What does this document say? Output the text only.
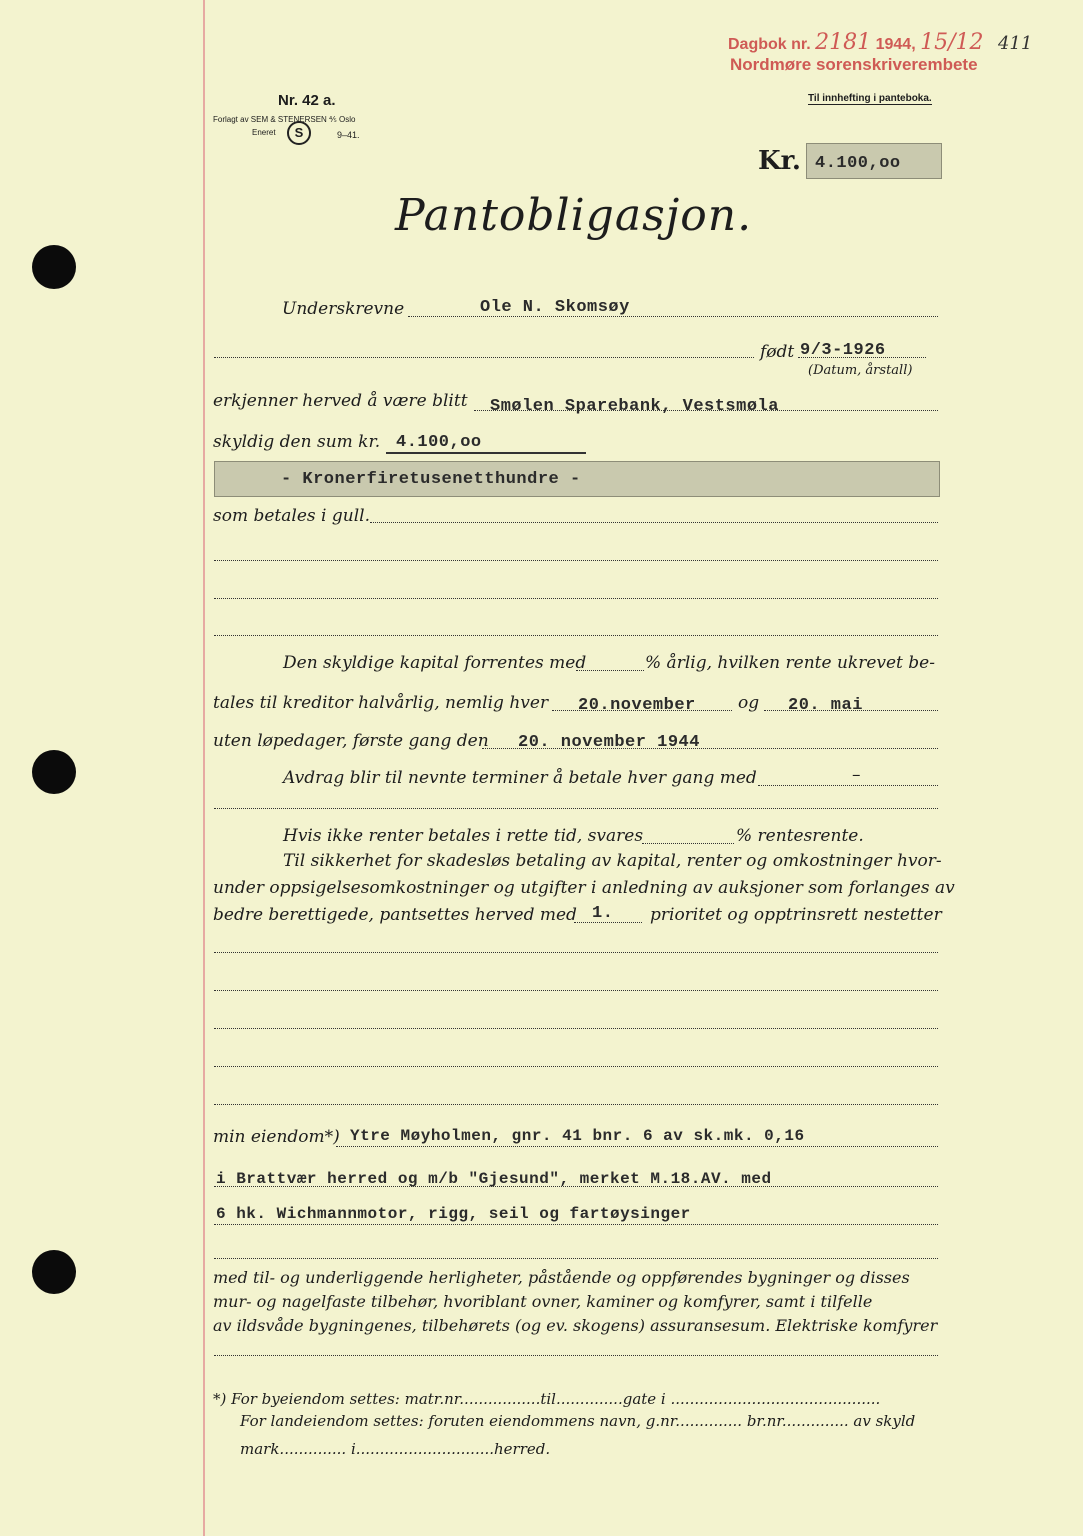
Dagbok nr. 2181 1944, 15/12 411
Nordmøre sorenskriverembete
Nr. 42 a.
Forlagt av SEM & STENERSEN ⅘ Oslo
Eneret	S	9–41.
Til innhefting i panteboka.
Kr. 4.100,oo
Pantobligasjon.
Underskrevne	Ole N. Skomsøy
født 9/3-1926
(Datum, årstall)
erkjenner herved å være blitt Smølen Sparebank, Vestsmøla
skyldig den sum kr. 4.100,oo
- Kronerfiretusenetthundre -
som betales i gull.
Den skyldige kapital forrentes med	% årlig, hvilken rente ukrevet be-
tales til kreditor halvårlig, nemlig hver 20.november og 20. mai
uten løpedager, første gang den 20. november 1944
Avdrag blir til nevnte terminer å betale hver gang med	–
Hvis ikke renter betales i rette tid, svares	% rentesrente.
Til sikkerhet for skadesløs betaling av kapital, renter og omkostninger hvor-
under oppsigelsesomkostninger og utgifter i anledning av auksjoner som forlanges av
bedre berettigede, pantsettes herved med 1. prioritet og opptrinsrett nestetter
min eiendom*) Ytre Møyholmen, gnr. 41 bnr. 6 av sk.mk. 0,16
i Brattvær herred og m/b "Gjesund", merket M.18.AV. med
6 hk. Wichmannmotor, rigg, seil og fartøysinger
med til- og underliggende herligheter, påstående og oppførendes bygninger og disses
mur- og nagelfaste tilbehør, hvoriblant ovner, kaminer og komfyrer, samt i tilfelle
av ildsvåde bygningenes, tilbehørets (og ev. skogens) assuransesum. Elektriske komfyrer
*) For byeiendom settes: matr.nr.................til..............gate i ............................................
For landeiendom settes: foruten eiendommens navn, g.nr.............. br.nr.............. av skyld
mark.............. i.............................herred.
